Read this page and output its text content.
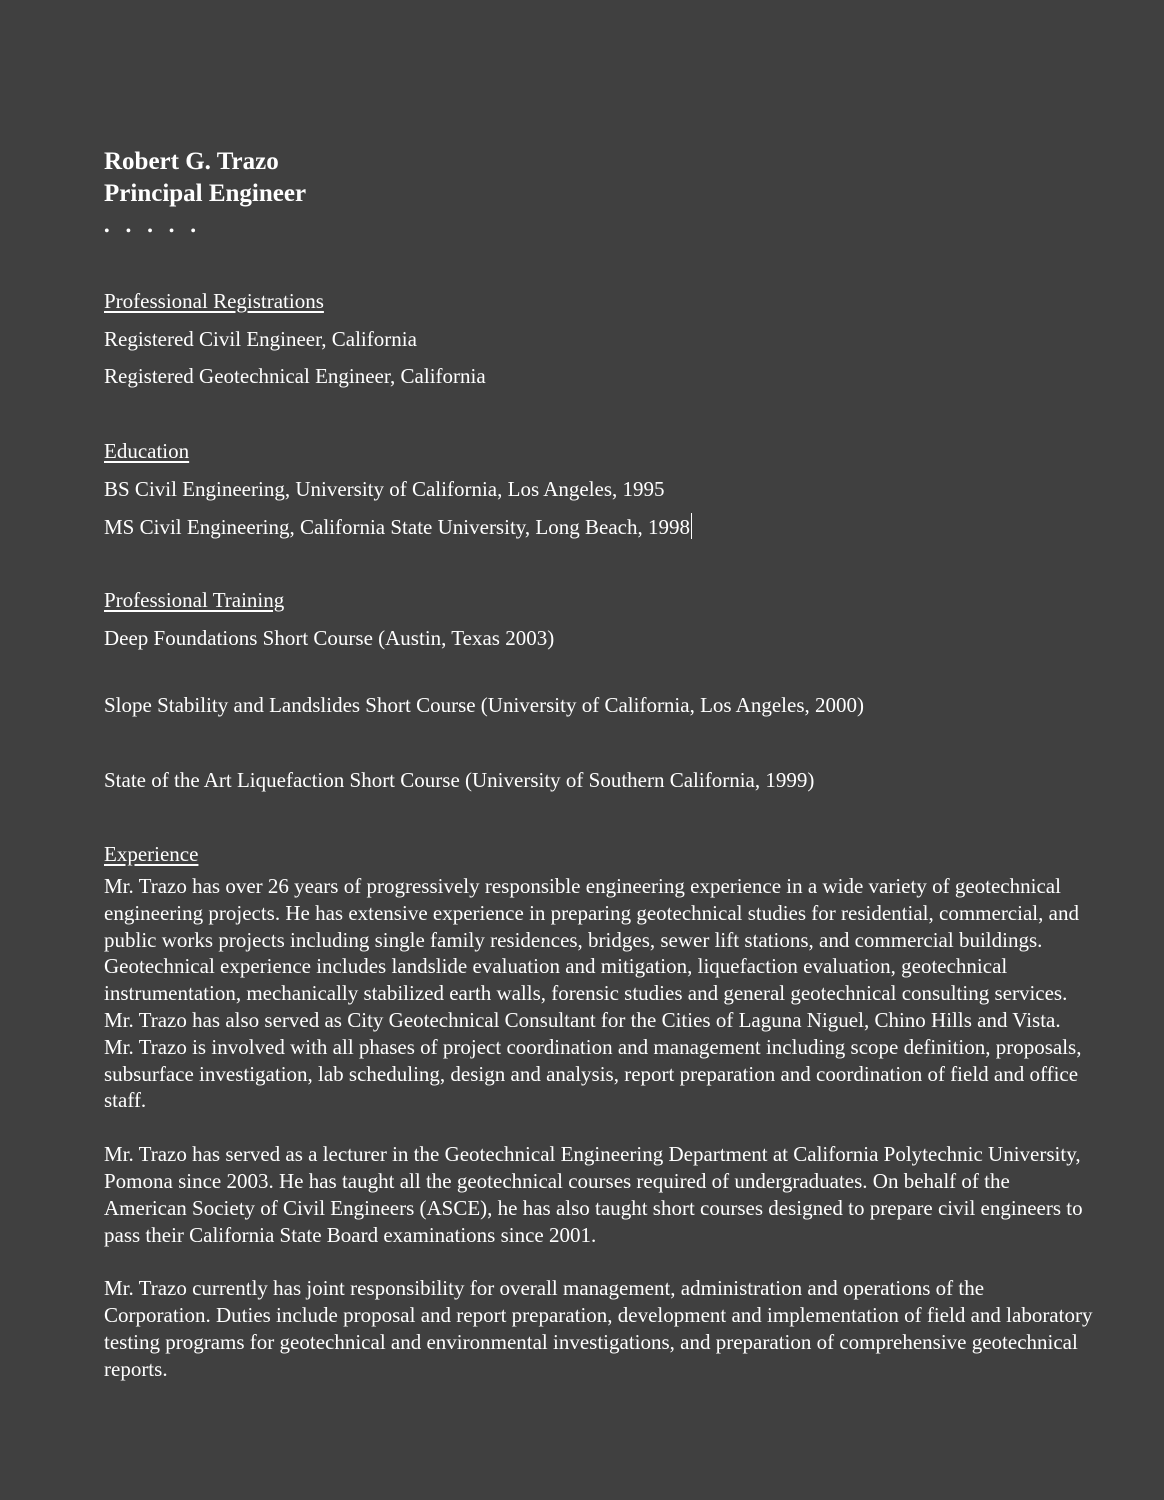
Robert G. Trazo
Principal Engineer
• • • • •
Professional Registrations
Registered Civil Engineer, California
Registered Geotechnical Engineer, California
Education
BS Civil Engineering, University of California, Los Angeles, 1995
MS Civil Engineering, California State University, Long Beach, 1998
Professional Training
Deep Foundations Short Course (Austin, Texas 2003)
Slope Stability and Landslides Short Course (University of California, Los Angeles, 2000)
State of the Art Liquefaction Short Course (University of Southern California, 1999)
Experience

Mr. Trazo has over 26 years of progressively responsible engineering experience in a wide variety of geotechnical engineering projects. He has extensive experience in preparing geotechnical studies for residential, commercial, and public works projects including single family residences, bridges, sewer lift stations, and commercial buildings. Geotechnical experience includes landslide evaluation and mitigation, liquefaction evaluation, geotechnical instrumentation, mechanically stabilized earth walls, forensic studies and general geotechnical consulting services. Mr. Trazo has also served as City Geotechnical Consultant for the Cities of Laguna Niguel, Chino Hills and Vista. Mr. Trazo is involved with all phases of project coordination and management including scope definition, proposals, subsurface investigation, lab scheduling, design and analysis, report preparation and coordination of field and office staff.

Mr. Trazo has served as a lecturer in the Geotechnical Engineering Department at California Polytechnic University, Pomona since 2003. He has taught all the geotechnical courses required of undergraduates. On behalf of the American Society of Civil Engineers (ASCE), he has also taught short courses designed to prepare civil engineers to pass their California State Board examinations since 2001.

Mr. Trazo currently has joint responsibility for overall management, administration and operations of the Corporation. Duties include proposal and report preparation, development and implementation of field and laboratory testing programs for geotechnical and environmental investigations, and preparation of comprehensive geotechnical reports.
